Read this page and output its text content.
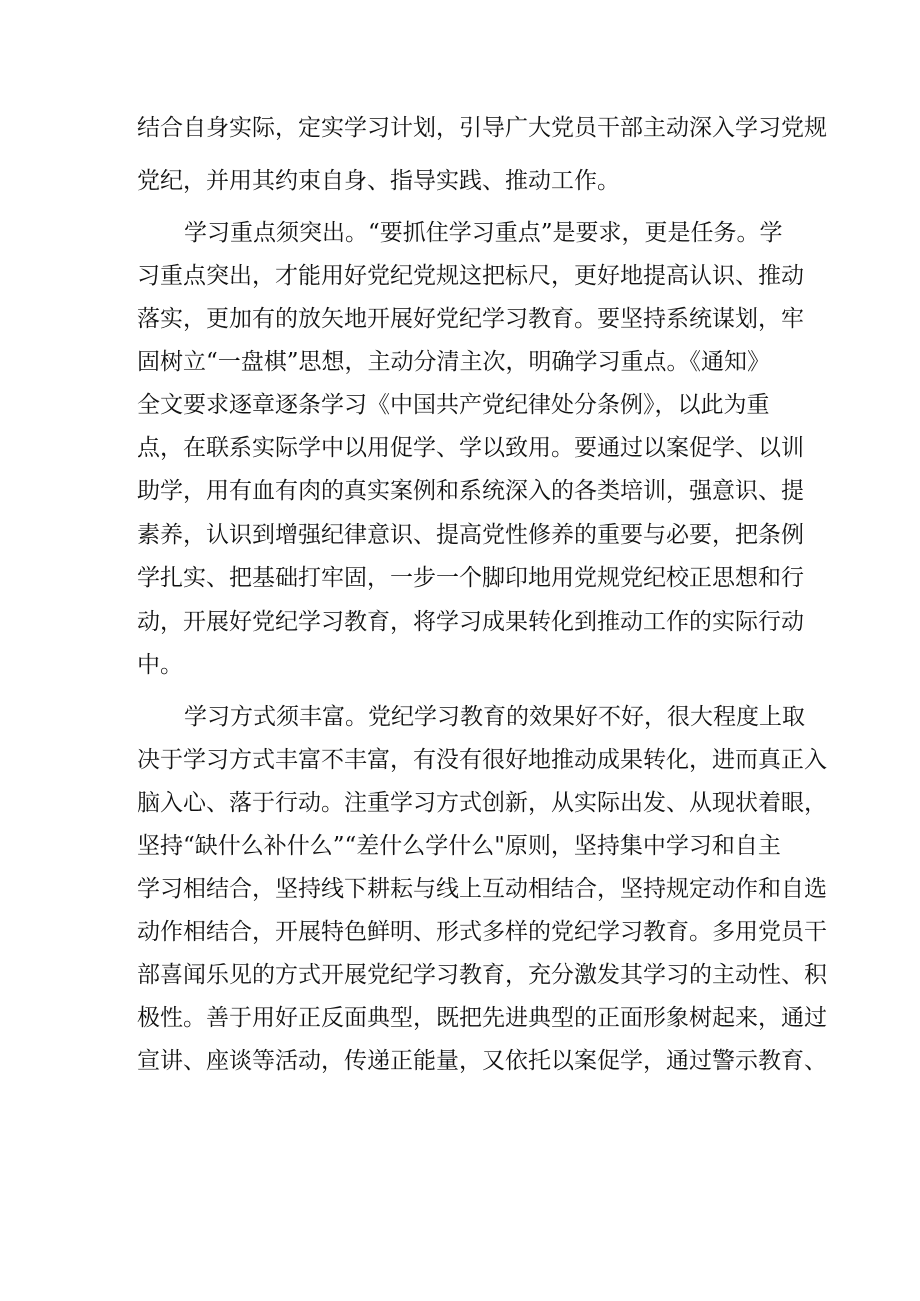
结合自身实际，定实学习计划，引导广大党员干部主动深入学习党规

党纪，并用其约束自身、指导实践、推动工作。

学习重点须突出。“要抓住学习重点”是要求，更是任务。学

习重点突出，才能用好党纪党规这把标尺，更好地提高认识、推动

落实，更加有的放矢地开展好党纪学习教育。要坚持系统谋划，牢

固树立“一盘棋”思想，主动分清主次，明确学习重点。《通知》

全文要求逐章逐条学习《中国共产党纪律处分条例》，以此为重

点，在联系实际学中以用促学、学以致用。要通过以案促学、以训

助学，用有血有肉的真实案例和系统深入的各类培训，强意识、提

素养，认识到增强纪律意识、提高党性修养的重要与必要，把条例

学扎实、把基础打牢固，一步一个脚印地用党规党纪校正思想和行

动，开展好党纪学习教育，将学习成果转化到推动工作的实际行动

中。

学习方式须丰富。党纪学习教育的效果好不好，很大程度上取

决于学习方式丰富不丰富，有没有很好地推动成果转化，进而真正入

脑入心、落于行动。注重学习方式创新，从实际出发、从现状着眼，

坚持“缺什么补什么”“差什么学什么"原则，坚持集中学习和自主

学习相结合，坚持线下耕耘与线上互动相结合，坚持规定动作和自选

动作相结合，开展特色鲜明、形式多样的党纪学习教育。多用党员干

部喜闻乐见的方式开展党纪学习教育，充分激发其学习的主动性、积

极性。善于用好正反面典型，既把先进典型的正面形象树起来，通过

宣讲、座谈等活动，传递正能量，又依托以案促学，通过警示教育、
